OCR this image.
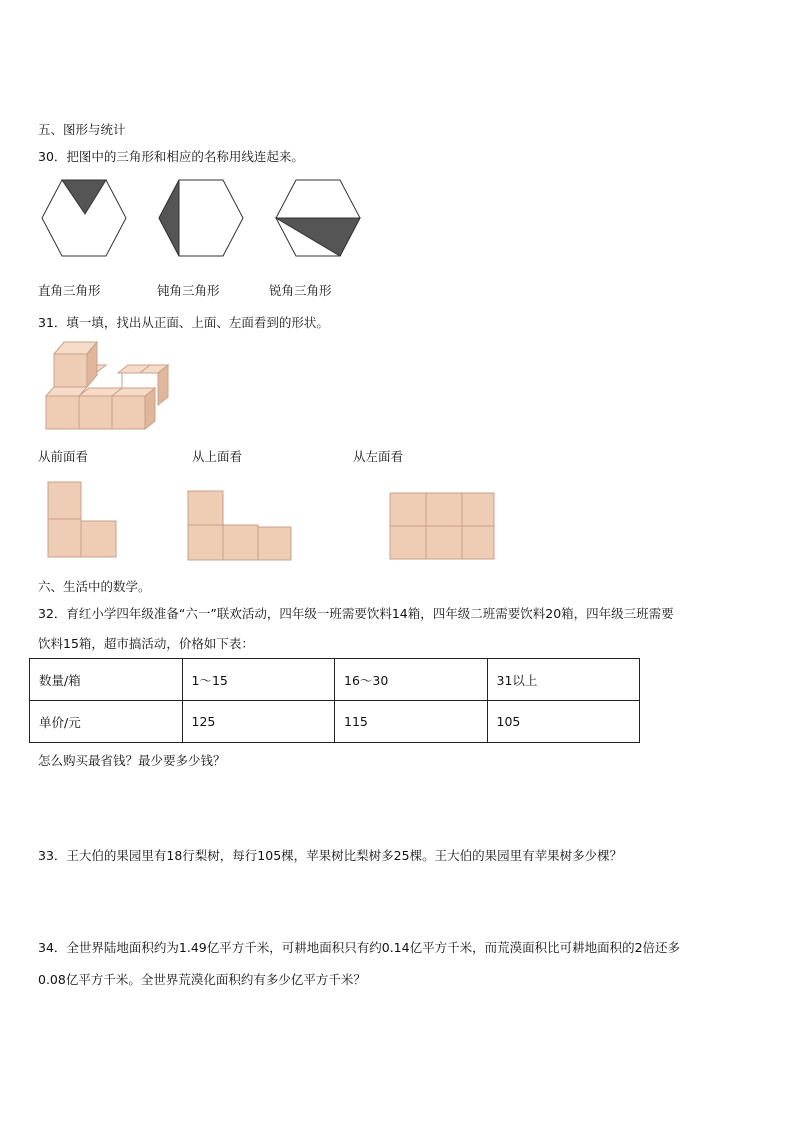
五、图形与统计
30．把图中的三角形和相应的名称用线连起来。
直角三角形	钝角三角形	锐角三角形
31．填一填，找出从正面、上面、左面看到的形状。
从前面看	从上面看	从左面看
六、生活中的数学。
32．育红小学四年级准备“六一”联欢活动，四年级一班需要饮料14箱，四年级二班需要饮料20箱，四年级三班需要
饮料15箱，超市搞活动，价格如下表：
数量/箱	1～15	16～30	31以上
单价/元	125	115	105
怎么购买最省钱？最少要多少钱？
33．王大伯的果园里有18行梨树，每行105棵，苹果树比梨树多25棵。王大伯的果园里有苹果树多少棵？
34．全世界陆地面积约为1.49亿平方千米，可耕地面积只有约0.14亿平方千米，而荒漠面积比可耕地面积的2倍还多
0.08亿平方千米。全世界荒漠化面积约有多少亿平方千米？
